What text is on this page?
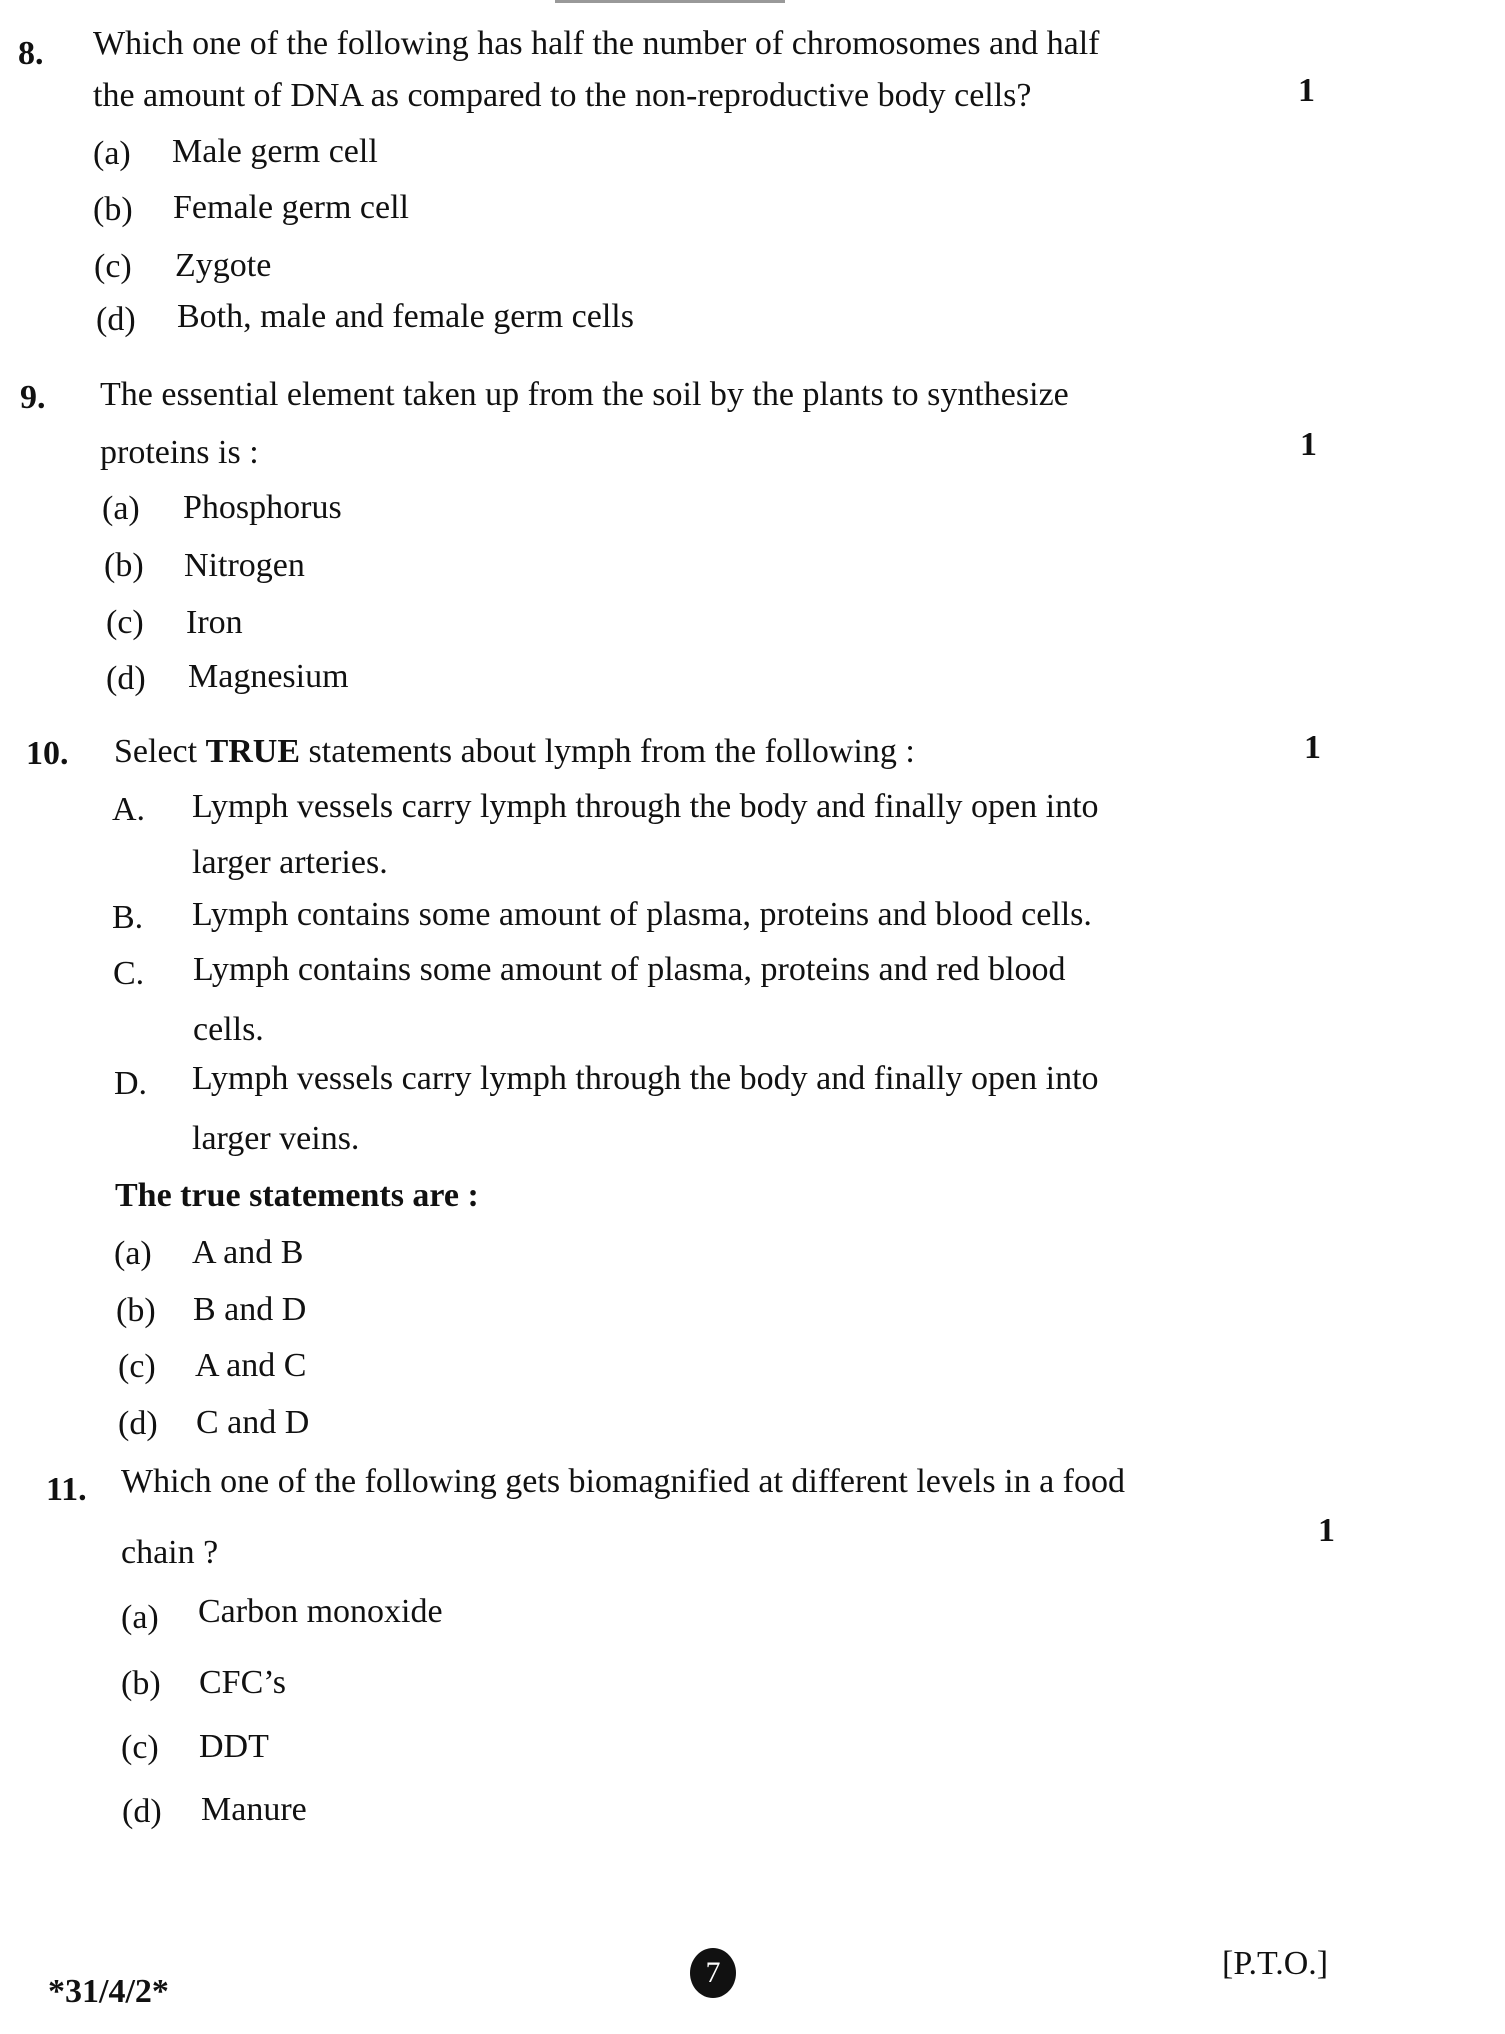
8. Which one of the following has half the number of chromosomes and half
the amount of DNA as compared to the non-reproductive body cells?	1
(a) Male germ cell
(b) Female germ cell
(c) Zygote
(d) Both, male and female germ cells
9. The essential element taken up from the soil by the plants to synthesize
proteins is :	1
(a) Phosphorus
(b) Nitrogen
(c) Iron
(d) Magnesium
10. Select TRUE statements about lymph from the following :	1
A. Lymph vessels carry lymph through the body and finally open into
larger arteries.
B. Lymph contains some amount of plasma, proteins and blood cells.
C. Lymph contains some amount of plasma, proteins and red blood
cells.
D. Lymph vessels carry lymph through the body and finally open into
larger veins.
The true statements are :
(a) A and B
(b) B and D
(c) A and C
(d) C and D
11. Which one of the following gets biomagnified at different levels in a food
chain ?
1
(a) Carbon monoxide
(b) CFC’s
(c) DDT
(d) Manure
*31/4/2*
7	[P.T.O.]
